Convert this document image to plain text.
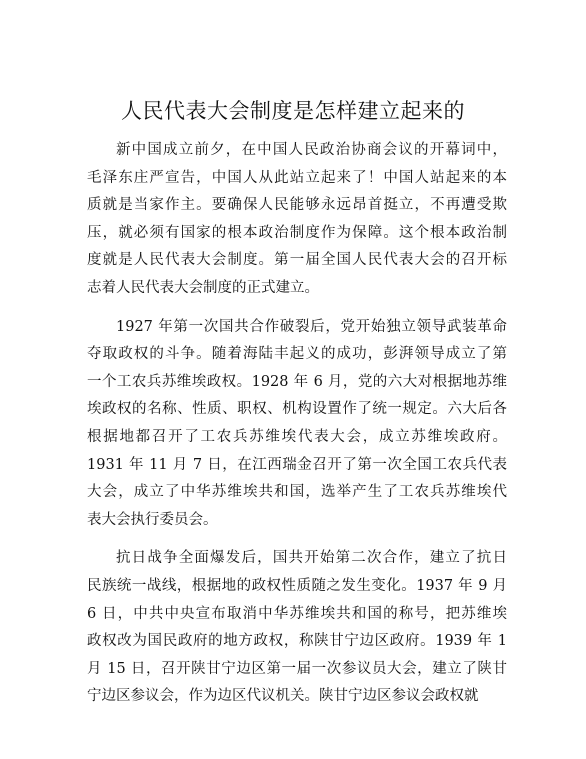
人民代表大会制度是怎样建立起来的
新中国成立前夕，在中国人民政治协商会议的开幕词中，
毛泽东庄严宣告，中国人从此站立起来了！中国人站起来的本
质就是当家作主。要确保人民能够永远昂首挺立，不再遭受欺
压，就必须有国家的根本政治制度作为保障。这个根本政治制
度就是人民代表大会制度。第一届全国人民代表大会的召开标
志着人民代表大会制度的正式建立。
1927 年第一次国共合作破裂后，党开始独立领导武装革命
夺取政权的斗争。随着海陆丰起义的成功，彭湃领导成立了第
一个工农兵苏维埃政权。1928 年 6 月，党的六大对根据地苏维
埃政权的名称、性质、职权、机构设置作了统一规定。六大后各
根据地都召开了工农兵苏维埃代表大会，成立苏维埃政府。
1931 年 11 月 7 日，在江西瑞金召开了第一次全国工农兵代表
大会，成立了中华苏维埃共和国，选举产生了工农兵苏维埃代
表大会执行委员会。
抗日战争全面爆发后，国共开始第二次合作，建立了抗日
民族统一战线，根据地的政权性质随之发生变化。1937 年 9 月
6 日，中共中央宣布取消中华苏维埃共和国的称号，把苏维埃
政权改为国民政府的地方政权，称陕甘宁边区政府。1939 年 1
月 15 日，召开陕甘宁边区第一届一次参议员大会，建立了陕甘
宁边区参议会，作为边区代议机关。陕甘宁边区参议会政权就
